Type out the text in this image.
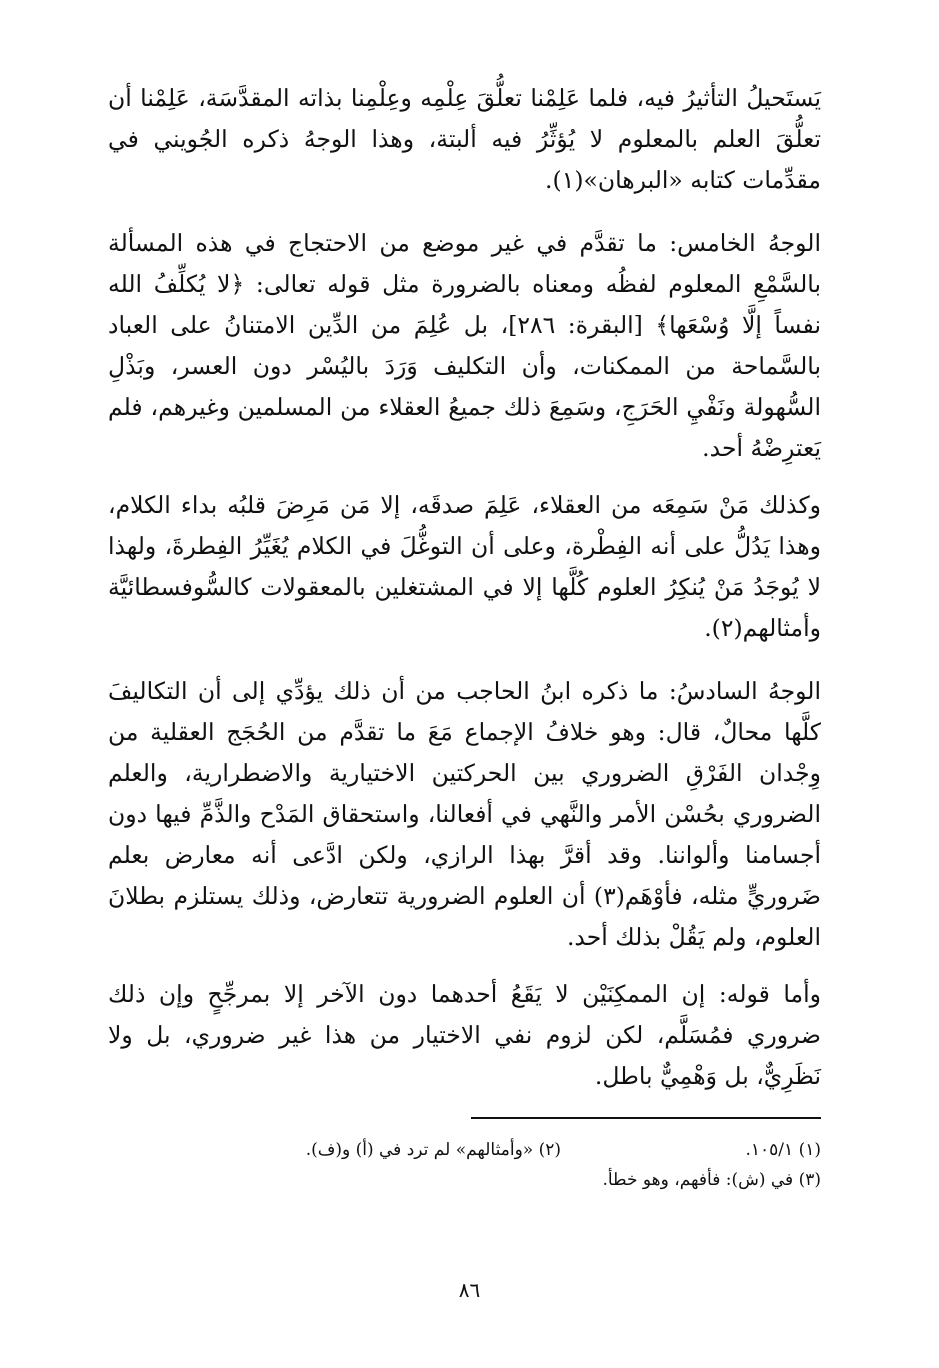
يَستَحيلُ التأثيرُ فيه، فلما عَلِمْنا تعلُّقَ عِلْمِه وعِلْمِنا بذاته المقدَّسَة، عَلِمْنا أن تعلُّقَ العلم بالمعلوم لا يُؤثِّرُ فيه ألبتة، وهذا الوجهُ ذكره الجُويني في مقدِّمات كتابه «البرهان»(١).

الوجهُ الخامس: ما تقدَّم في غير موضع من الاحتجاج في هذه المسألة بالسَّمْعِ المعلوم لفظُه ومعناه بالضرورة مثل قوله تعالى: ﴿لا يُكلِّفُ الله نفساً إلَّا وُسْعَها﴾ [البقرة: ٢٨٦]، بل عُلِمَ من الدِّين الامتنانُ على العباد بالسَّماحة من الممكنات، وأن التكليف وَرَدَ باليُسْر دون العسر، وبَذْلِ السُّهولة ونَفْيِ الحَرَجِ، وسَمِعَ ذلك جميعُ العقلاء من المسلمين وغيرهم، فلم يَعترِضْهُ أحد.

وكذلك مَنْ سَمِعَه من العقلاء، عَلِمَ صدقَه، إلا مَن مَرِضَ قلبُه بداء الكلام، وهذا يَدُلُّ على أنه الفِطْرة، وعلى أن التوغُّلَ في الكلام يُغَيِّرُ الفِطرةَ، ولهذا لا يُوجَدُ مَنْ يُنكِرُ العلوم كُلَّها إلا في المشتغلين بالمعقولات كالسُّوفسطائيَّة وأمثالهم(٢).

الوجهُ السادسُ: ما ذكره ابنُ الحاجب من أن ذلك يؤدِّي إلى أن التكاليفَ كلَّها محالٌ، قال: وهو خلافُ الإجماع مَعَ ما تقدَّم من الحُجَج العقلية من وِجْدان الفَرْقِ الضروري بين الحركتين الاختيارية والاضطرارية، والعلم الضروري بحُسْن الأمر والنَّهي في أفعالنا، واستحقاق المَدْح والذَّمِّ فيها دون أجسامنا وألواننا. وقد أقرَّ بهذا الرازي، ولكن ادَّعى أنه معارض بعلم ضَروريٍّ مثله، فأوْهَم(٣) أن العلوم الضرورية تتعارض، وذلك يستلزم بطلانَ العلوم، ولم يَقُلْ بذلك أحد.

وأما قوله: إن الممكِنَيْن لا يَقَعُ أحدهما دون الآخر إلا بمرجِّحٍ وإن ذلك ضروري فمُسَلَّم، لكن لزوم نفي الاختيار من هذا غير ضروري، بل ولا نَظَرِيٌّ، بل وَهْمِيٌّ باطل.

(١) ١٠٥/١.
(٢) «وأمثالهم» لم ترد في (أ) و(ف).
(٣) في (ش): فأفهم، وهو خطأ.
٨٦
